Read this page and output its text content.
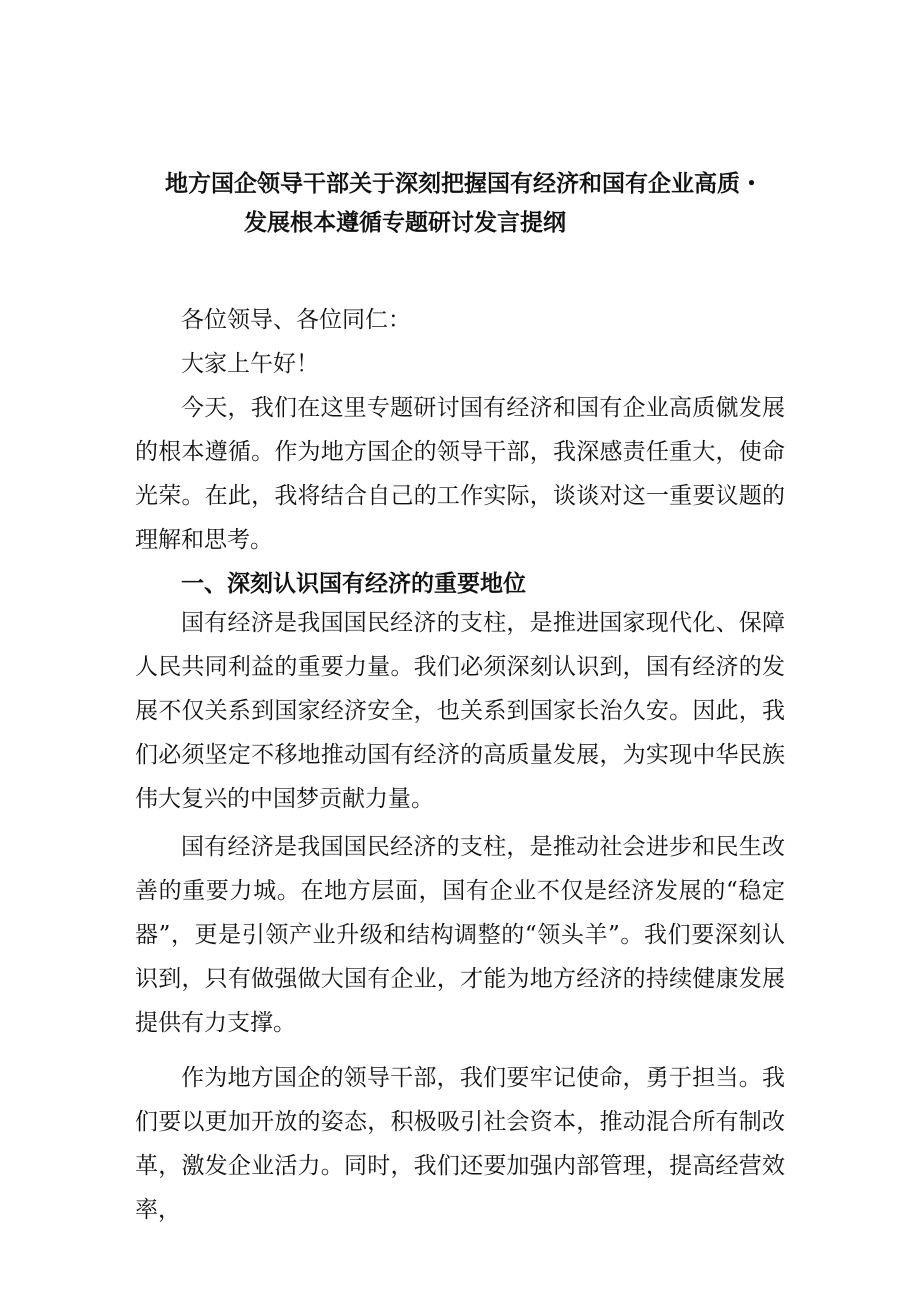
地方国企领导干部关于深刻把握国有经济和国有企业高质・
发展根本遵循专题研讨发言提纲

各位领导、各位同仁：

大家上午好！

今天，我们在这里专题研讨国有经济和国有企业高质僦发展的根本遵循。作为地方国企的领导干部，我深感责任重大，使命光荣。在此，我将结合自己的工作实际，谈谈对这一重要议题的理解和思考。

一、深刻认识国有经济的重要地位

国有经济是我国国民经济的支柱，是推进国家现代化、保障人民共同利益的重要力量。我们必须深刻认识到，国有经济的发展不仅关系到国家经济安全，也关系到国家长治久安。因此，我们必须坚定不移地推动国有经济的高质量发展，为实现中华民族伟大复兴的中国梦贡献力量。

国有经济是我国国民经济的支柱，是推动社会进步和民生改善的重要力城。在地方层面，国有企业不仅是经济发展的“稳定器”，更是引领产业升级和结构调整的“领头羊”。我们要深刻认识到，只有做强做大国有企业，才能为地方经济的持续健康发展提供有力支撑。

作为地方国企的领导干部，我们要牢记使命，勇于担当。我们要以更加开放的姿态，积极吸引社会资本，推动混合所有制改革，激发企业活力。同时，我们还要加强内部管理，提高经营效率，
